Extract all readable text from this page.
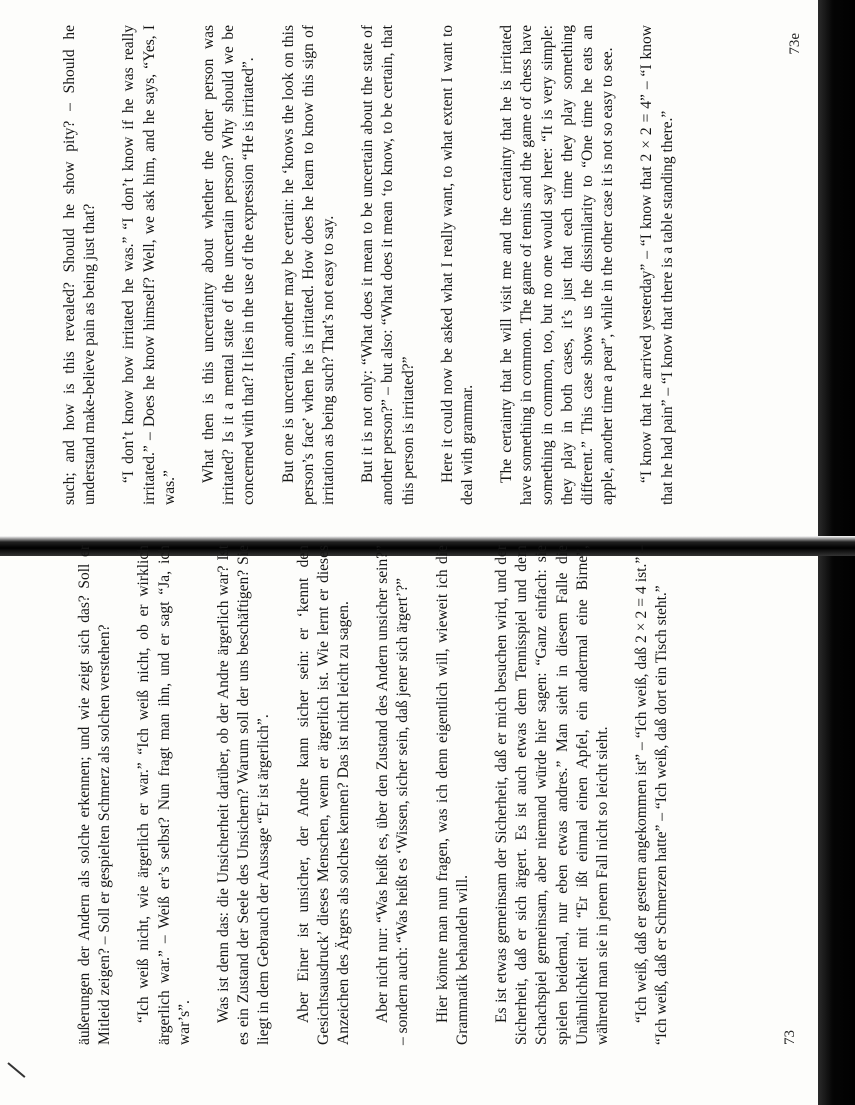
such; and how is this revealed? Should he show pity? – Should he understand make-believe pain as being just that? “I don’t know how irritated he was.” “I don’t know if he was really irritated.” – Does he know himself? Well, we ask him, and he says, “Yes, I was.”

What then is this uncertainty about whether the other person was irritated? Is it a mental state of the uncertain person? Why should we be concerned with that? It lies in the use of the expression “He is irritated”. But one is uncertain, another may be certain: he ‘knows the look on this person’s face’ when he is irritated. How does he learn to know this sign of irritation as being such? That’s not easy to say. But it is not only: “What does it mean to be uncertain about the state of another person?” – but also: “What does it mean ‘to know, to be certain, that this person is irritated?” Here it could now be asked what I really want, to what extent I want to deal with grammar. The certainty that he will visit me and the certainty that he is irritated have something in common. The game of tennis and the game of chess have something in common, too, but no one would say here: “It is very simple: they play in both cases, it’s just that each time they play something different.” This case shows us the dissimilarity to “One time he eats an apple, another time a pear”, while in the other case it is not so easy to see. “I know that he arrived yesterday” – “I know that 2 × 2 = 4” – “I know that he had pain” – “I know that there is a table standing there.”

73e

äußerungen der Andern als solche erkennen; und wie zeigt sich das? Soll er Mitleid zeigen? – Soll er gespielten Schmerz als solchen verstehen? “Ich weiß nicht, wie ärgerlich er war.” “Ich weiß nicht, ob er wirklich ärgerlich war.” – Weiß er’s selbst? Nun fragt man ihn, und er sagt “Ja, ich war’s”. Was ist denn das: die Unsicherheit darüber, ob der Andre ärgerlich war? Ist es ein Zustand der Seele des Unsichern? Warum soll der uns beschäftigen? Sie liegt in dem Gebrauch der Aussage “Er ist ärgerlich”. Aber Einer ist unsicher, der Andre kann sicher sein: er ‘kennt den Gesichtsausdruck’ dieses Menschen, wenn er ärgerlich ist. Wie lernt er dieses Anzeichen des Ärgers als solches kennen? Das ist nicht leicht zu sagen. Aber nicht nur: “Was heißt es, über den Zustand des Andern unsicher sein?” – sondern auch: “Was heißt es ‘Wissen, sicher sein, daß jener sich ärgert’?” Hier könnte man nun fragen, was ich denn eigentlich will, wieweit ich die Grammatik behandeln will. Es ist etwas gemeinsam der Sicherheit, daß er mich besuchen wird, und der Sicherheit, daß er sich ärgert. Es ist auch etwas dem Tennisspiel und dem Schachspiel gemeinsam, aber niemand würde hier sagen: “Ganz einfach: sie spielen beidemal, nur eben etwas andres.” Man sieht in diesem Falle die Unähnlichkeit mit “Er ißt einmal einen Apfel, ein andermal eine Birne”, während man sie in jenem Fall nicht so leicht sieht. “Ich weiß, daß er gestern angekommen ist” – “Ich weiß, daß 2 × 2 = 4 ist.” – “Ich weiß, daß er Schmerzen hatte” – “Ich weiß, daß dort ein Tisch steht.”	73
